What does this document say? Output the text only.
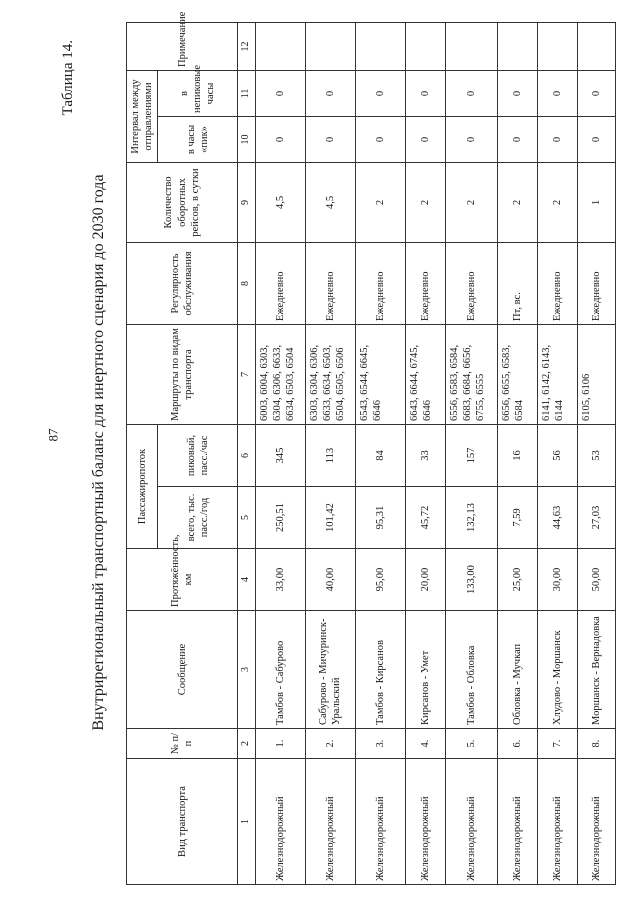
87
Таблица 14.
Внутрирегиональный транспортный баланс для инертного сценария до 2030 года
Вид транспорта	№ п/п	Сообщение	Протяжённость, км	Пассажиропоток		Маршруты по видам транспорта	Регулярность обслуживания	Количество оборотных рейсов, в сутки	Интервал между отправлениями		Примечание
				всего, тыс. пасс./год	пиковый, пасс./час				в часы «пик»	в непиковые часы	
1	2	3	4	5	6	7	8	9	10	11	12
Железнодорожный	1.	Тамбов - Сабурово	33,00	250,51	345	6003, 6004, 6303, 6304, 6306, 6633, 6634, 6503, 6504	Ежедневно	4,5	0	0	
Железнодорожный	2.	Сабурово - Мичуринск-Уральский	40,00	101,42	113	6303, 6304, 6306, 6633, 6634, 6503, 6504, 6505, 6506	Ежедневно	4,5	0	0	
Железнодорожный	3.	Тамбов - Кирсанов	95,00	95,31	84	6543, 6544, 6645, 6646	Ежедневно	2	0	0	
Железнодорожный	4.	Кирсанов - Умет	20,00	45,72	33	6643, 6644, 6745, 6646	Ежедневно	2	0	0	
Железнодорожный	5.	Тамбов - Обловка	133,00	132,13	157	6556, 6583, 6584, 6683, 6684, 6656, 6755, 6555	Ежедневно	2	0	0	
Железнодорожный	6.	Обловка - Мучкап	25,00	7,59	16	6656, 6655, 6583, 6584	Пт, вс.	2	0	0	
Железнодорожный	7.	Хлудово - Моршанск	30,00	44,63	56	6141, 6142, 6143, 6144	Ежедневно	2	0	0	
Железнодорожный	8.	Моршанск - Вернадовка	50,00	27,03	53	6105, 6106	Ежедневно	1	0	0	
